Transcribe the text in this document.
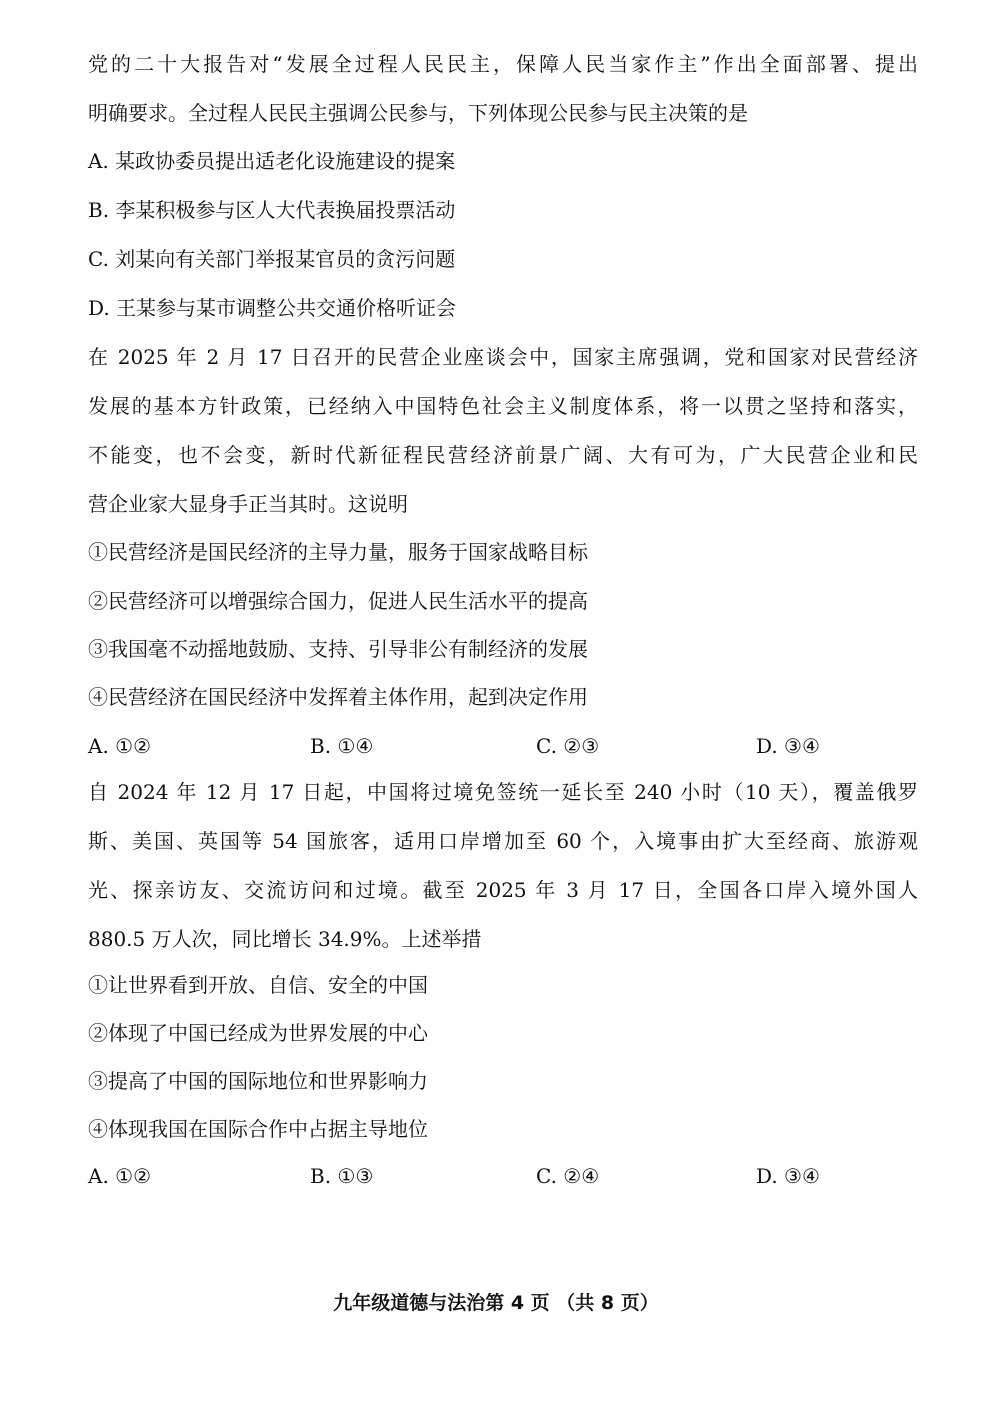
党的二十大报告对“发展全过程人民民主，保障人民当家作主”作出全面部署、提出
明确要求。全过程人民民主强调公民参与，下列体现公民参与民主决策的是
A. 某政协委员提出适老化设施建设的提案
B. 李某积极参与区人大代表换届投票活动
C. 刘某向有关部门举报某官员的贪污问题
D. 王某参与某市调整公共交通价格听证会
在 2025 年 2 月 17 日召开的民营企业座谈会中，国家主席强调，党和国家对民营经济
发展的基本方针政策，已经纳入中国特色社会主义制度体系，将一以贯之坚持和落实，
不能变，也不会变，新时代新征程民营经济前景广阔、大有可为，广大民营企业和民
营企业家大显身手正当其时。这说明
①民营经济是国民经济的主导力量，服务于国家战略目标
②民营经济可以增强综合国力，促进人民生活水平的提高
③我国毫不动摇地鼓励、支持、引导非公有制经济的发展
④民营经济在国民经济中发挥着主体作用，起到决定作用
A. ①②	B. ①④	C. ②③	D. ③④
自 2024 年 12 月 17 日起，中国将过境免签统一延长至 240 小时（10 天），覆盖俄罗
斯、美国、英国等 54 国旅客，适用口岸增加至 60 个，入境事由扩大至经商、旅游观
光、探亲访友、交流访问和过境。截至 2025 年 3 月 17 日，全国各口岸入境外国人
880.5 万人次，同比增长 34.9%。上述举措
①让世界看到开放、自信、安全的中国
②体现了中国已经成为世界发展的中心
③提高了中国的国际地位和世界影响力
④体现我国在国际合作中占据主导地位
A. ①②	B. ①③	C. ②④	D. ③④
九年级道德与法治第 4 页 （共 8 页）
